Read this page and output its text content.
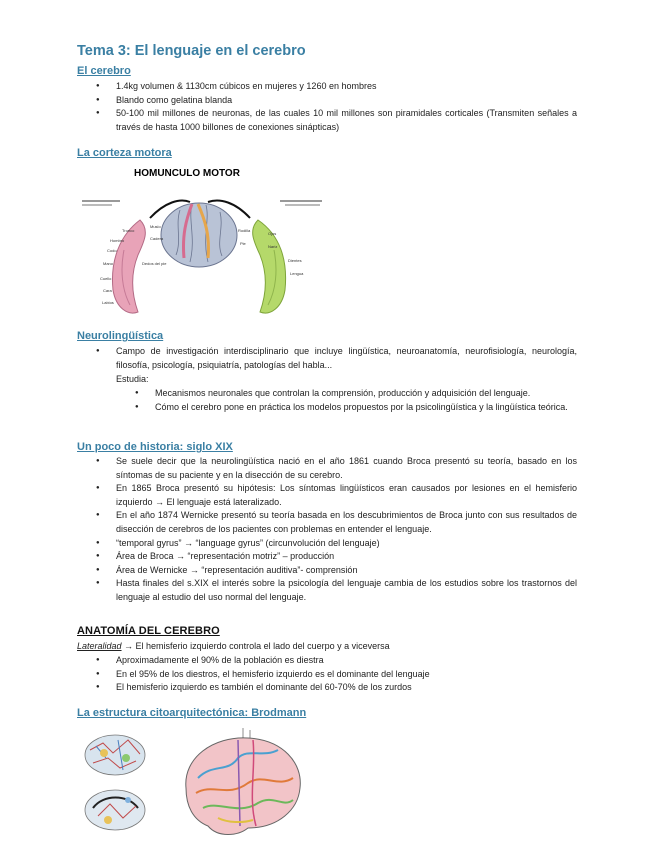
Tema 3: El lenguaje en el cerebro
El cerebro
● 1.4kg volumen & 1130cm cúbicos en mujeres y 1260 en hombres
● Blando como gelatina blanda
● 50-100 mil millones de neuronas, de las cuales 10 mil millones son piramidales corticales (Transmiten señales a través de hasta 1000 billones de conexiones sinápticas)
La corteza motora
HOMUNCULO MOTOR
Tronco
Muslo
Cadera
Hombro
Codo
Mano
Cuello
Cara
Labios
Dedos del pie
Rodilla
Pie
Ojos
Nariz
Dientes
Lengua
Neurolingüística
● Campo de investigación interdisciplinario que incluye lingüística, neuroanatomía, neurofisiología, neurología, filosofía, psicología, psiquiatría, patologías del habla...
Estudia:
● Mecanismos neuronales que controlan la comprensión, producción y adquisición del lenguaje.
● Cómo el cerebro pone en práctica los modelos propuestos por la psicolingüística y la lingüística teórica.
Un poco de historia: siglo XIX
● Se suele decir que la neurolingüística nació en el año 1861 cuando Broca presentó su teoría, basado en los síntomas de su paciente y en la disección de su cerebro.
● En 1865 Broca presentó su hipótesis: Los síntomas lingüísticos eran causados por lesiones en el hemisferio izquierdo → El lenguaje está lateralizado.
● En el año 1874 Wernicke presentó su teoría basada en los descubrimientos de Broca junto con sus resultados de disección de cerebros de los pacientes con problemas en entender el lenguaje.
● “temporal gyrus” → “language gyrus” (circunvolución del lenguaje)
● Área de Broca → “representación motriz” – producción
● Área de Wernicke → “representación auditiva”- comprensión
● Hasta finales del s.XIX el interés sobre la psicología del lenguaje cambia de los estudios sobre los trastornos del lenguaje al estudio del uso normal del lenguaje.
ANATOMÍA DEL CEREBRO
Lateralidad → El hemisferio izquierdo controla el lado del cuerpo y a viceversa
● Aproximadamente el 90% de la población es diestra
● En el 95% de los diestros, el hemisferio izquierdo es el dominante del lenguaje
● El hemisferio izquierdo es también el dominante del 60-70% de los zurdos
La estructura citoarquitectónica: Brodmann
